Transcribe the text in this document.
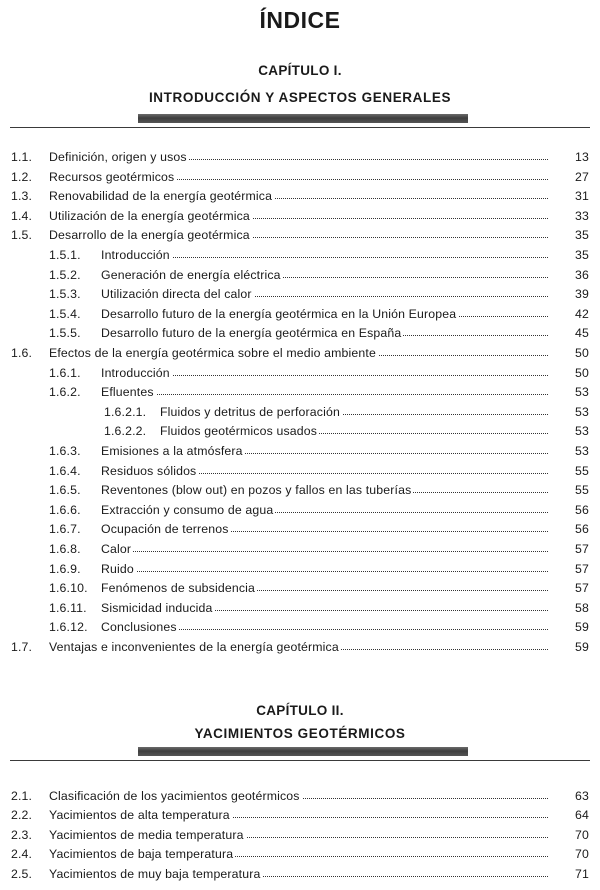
ÍNDICE
CAPÍTULO I.
INTRODUCCIÓN Y ASPECTOS GENERALES
1.1. Definición, origen y usos	13
1.2. Recursos geotérmicos	27
1.3. Renovabilidad de la energía geotérmica	31
1.4. Utilización de la energía geotérmica	33
1.5. Desarrollo de la energía geotérmica	35
1.5.1. Introducción	35
1.5.2. Generación de energía eléctrica	36
1.5.3. Utilización directa del calor	39
1.5.4. Desarrollo futuro de la energía geotérmica en la Unión Europea	42
1.5.5. Desarrollo futuro de la energía geotérmica en España	45
1.6. Efectos de la energía geotérmica sobre el medio ambiente	50
1.6.1. Introducción	50
1.6.2. Efluentes	53
1.6.2.1. Fluidos y detritus de perforación	53
1.6.2.2. Fluidos geotérmicos usados	53
1.6.3. Emisiones a la atmósfera	53
1.6.4. Residuos sólidos	55
1.6.5. Reventones (blow out) en pozos y fallos en las tuberías	55
1.6.6. Extracción y consumo de agua	56
1.6.7. Ocupación de terrenos	56
1.6.8. Calor	57
1.6.9. Ruido	57
1.6.10. Fenómenos de subsidencia	57
1.6.11. Sismicidad inducida	58
1.6.12. Conclusiones	59
1.7. Ventajas e inconvenientes de la energía geotérmica	59
CAPÍTULO II.
YACIMIENTOS GEOTÉRMICOS
2.1. Clasificación de los yacimientos geotérmicos	63
2.2. Yacimientos de alta temperatura	64
2.3. Yacimientos de media temperatura	70
2.4. Yacimientos de baja temperatura	70
2.5. Yacimientos de muy baja temperatura	71
